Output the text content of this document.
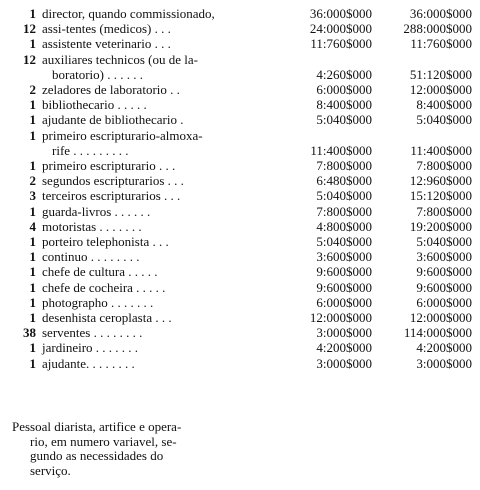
1 director, quando commissionado,	36:000$000	36:000$000
12 assi-tentes (medicos) . . .	24:000$000	288:000$000
1 assistente veterinario . . .	11:760$000	11:760$000
12 auxiliares technicos (ou de la-
boratorio) . . . . . .	4:260$000	51:120$000
2 zeladores de laboratorio . .	6:000$000	12:000$000
1 bibliothecario . . . . .	8:400$000	8:400$000
1 ajudante de bibliothecario .	5:040$000	5:040$000
1 primeiro escripturario-almoxa-
rife . . . . . . . . .	11:400$000	11:400$000
1 primeiro escripturario . . .	7:800$000	7:800$000
2 segundos escripturarios . . .	6:480$000	12:960$000
3 terceiros escripturarios . . .	5:040$000	15:120$000
1 guarda-livros . . . . . .	7:800$000	7:800$000
4 motoristas . . . . . . .	4:800$000	19:200$000
1 porteiro telephonista . . .	5:040$000	5:040$000
1 continuo . . . . . . . .	3:600$000	3:600$000
1 chefe de cultura . . . . .	9:600$000	9:600$000
1 chefe de cocheira . . . . .	9:600$000	9:600$000
1 photographo . . . . . . .	6:000$000	6:000$000
1 desenhista ceroplasta . . .	12:000$000	12:000$000
38 serventes . . . . . . . .	3:000$000	114:000$000
1 jardineiro . . . . . . .	4:200$000	4:200$000
1 ajudante. . . . . . . .	3:000$000	3:000$000
Pessoal diarista, artifice e opera-
rio, em numero variavel, se-
gundo as necessidades do
serviço.
